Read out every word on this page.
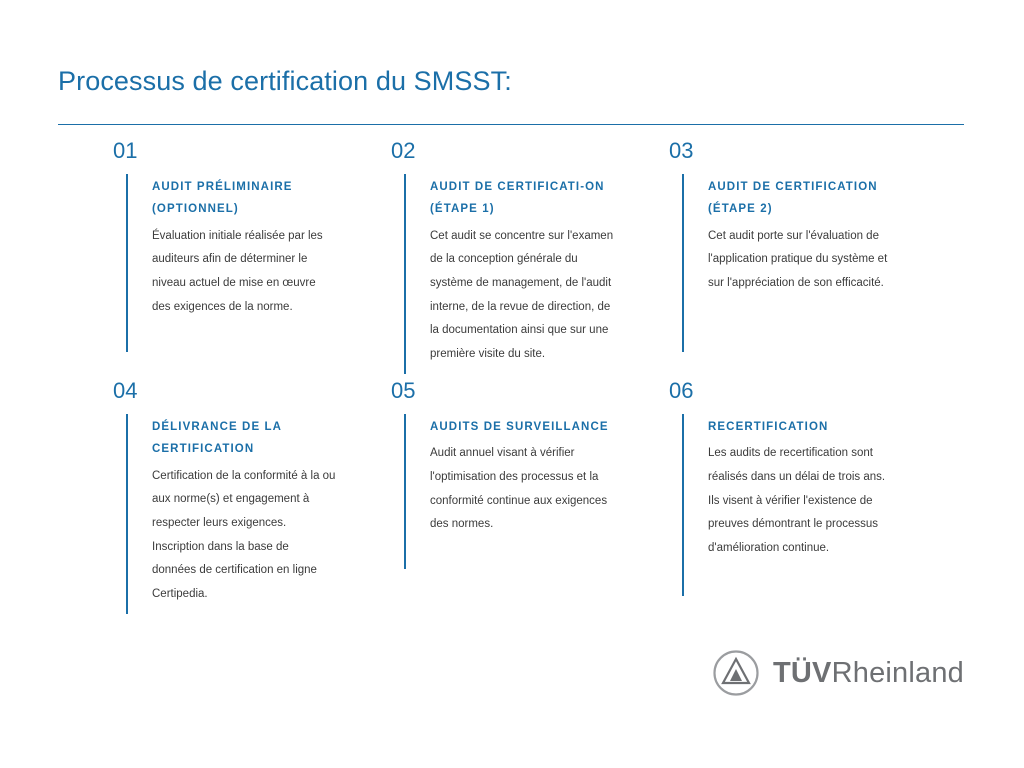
Processus de certification du SMSST:
01
AUDIT PRÉLIMINAIRE (OPTIONNEL)
Évaluation initiale réalisée par les auditeurs afin de déterminer le niveau actuel de mise en œuvre des exigences de la norme.
02
AUDIT DE CERTIFICATI-ON (ÉTAPE 1)
Cet audit se concentre sur l'examen de la conception générale du système de management, de l'audit interne, de la revue de direction, de la documentation ainsi que sur une première visite du site.
03
AUDIT DE CERTIFICATION (ÉTAPE 2)
Cet audit porte sur l'évaluation de l'application pratique du système et sur l'appréciation de son efficacité.
04
DÉLIVRANCE DE LA CERTIFICATION
Certification de la conformité à la ou aux norme(s) et engagement à respecter leurs exigences. Inscription dans la base de données de certification en ligne Certipedia.
05
AUDITS DE SURVEILLANCE
Audit annuel visant à vérifier l'optimisation des processus et la conformité continue aux exigences des normes.
06
RECERTIFICATION
Les audits de recertification sont réalisés dans un délai de trois ans. Ils visent à vérifier l'existence de preuves démontrant le processus d'amélioration continue.
TÜVRheinland
